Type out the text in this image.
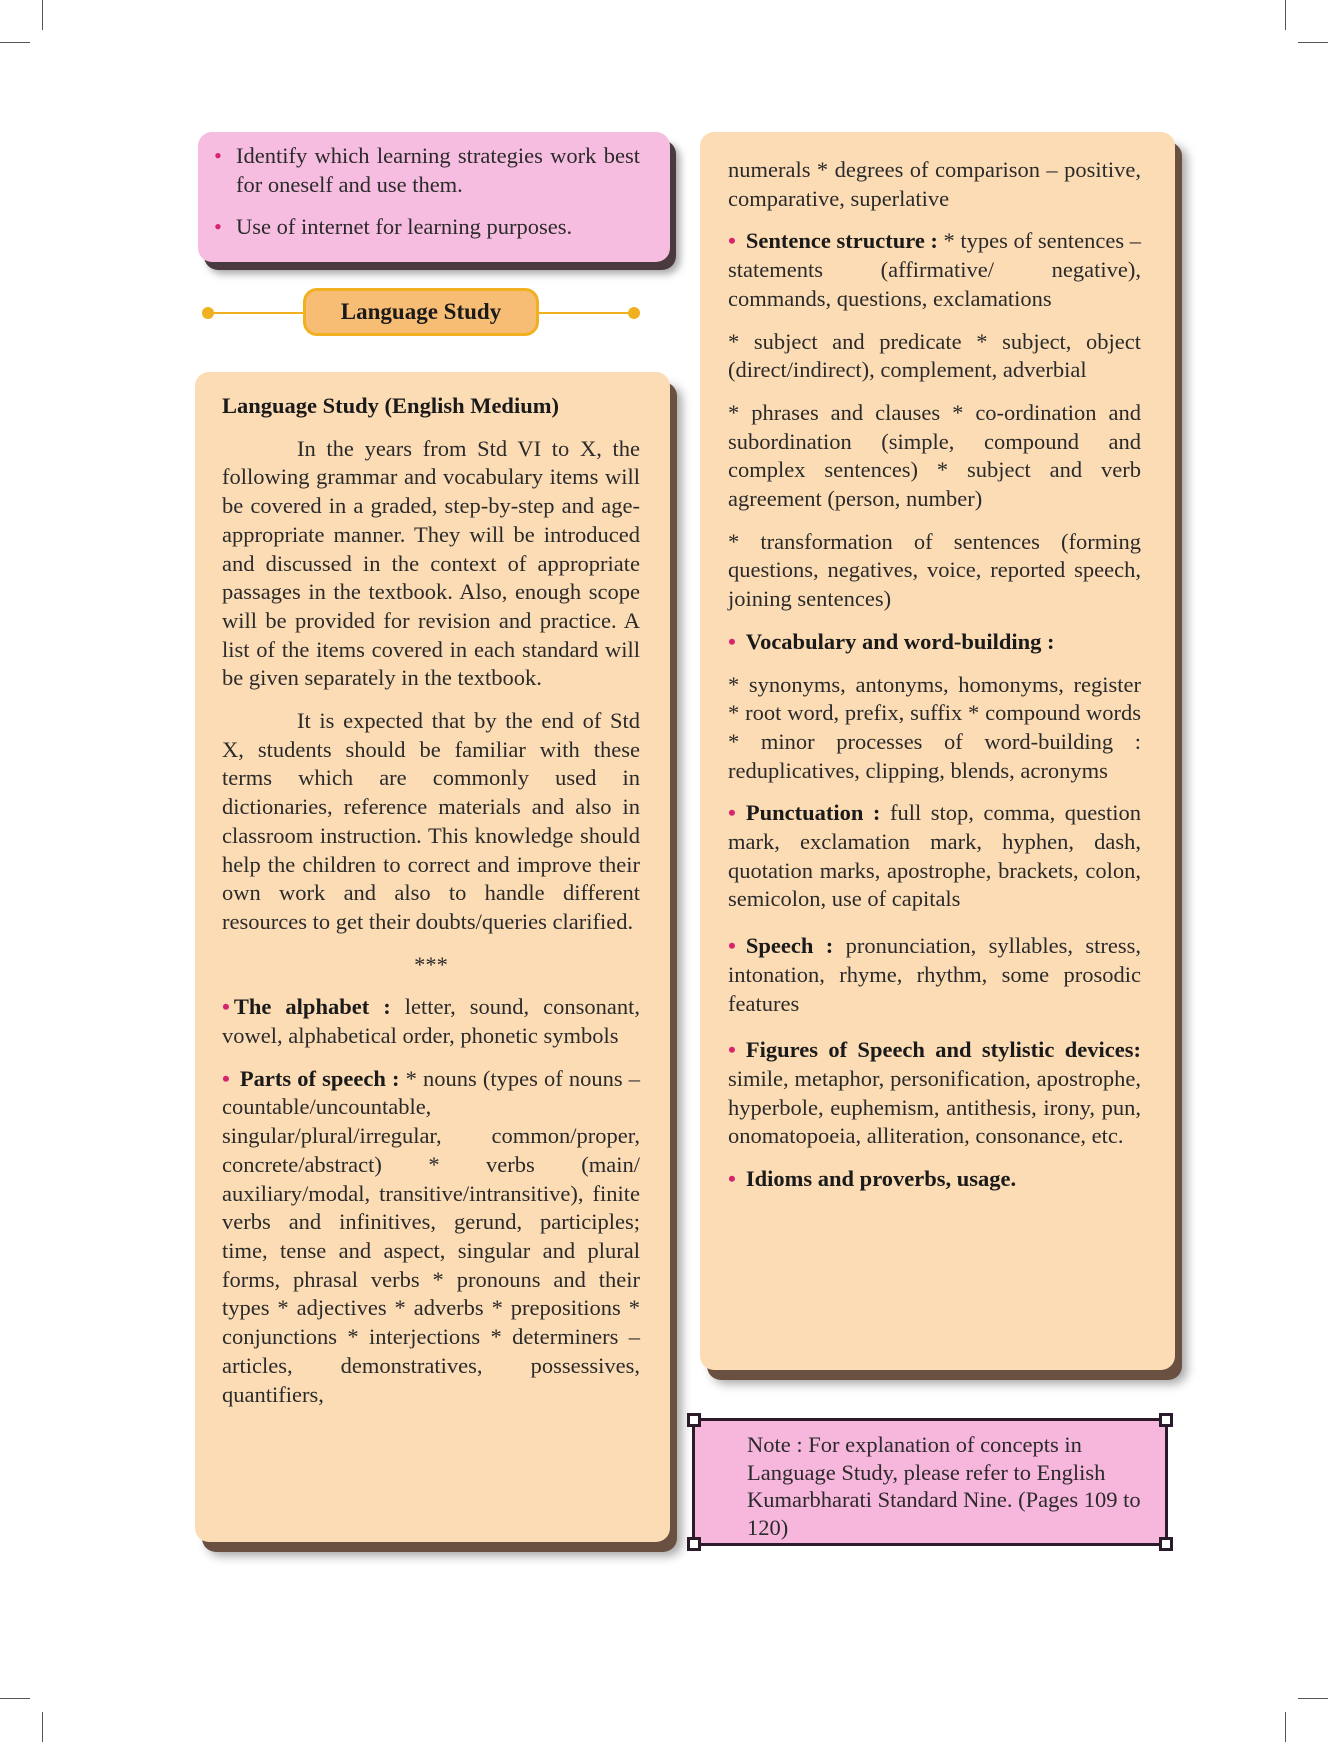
• Identify which learning strategies work best for oneself and use them.
• Use of internet for learning purposes.
Language Study

Language Study (English Medium)

In the years from Std VI to X, the following grammar and vocabulary items will be covered in a graded, step-by-step and age-appropriate manner. They will be introduced and discussed in the context of appropriate passages in the textbook. Also, enough scope will be provided for revision and practice. A list of the items covered in each standard will be given separately in the textbook.

It is expected that by the end of Std X, students should be familiar with these terms which are commonly used in dictionaries, reference materials and also in classroom instruction. This knowledge should help the children to correct and improve their own work and also to handle different resources to get their doubts/queries clarified.

***

• The alphabet : letter, sound, consonant, vowel, alphabetical order, phonetic symbols

• Parts of speech : * nouns (types of nouns – countable/uncountable, singular/plural/irregular, common/proper, concrete/abstract) * verbs (main/ auxiliary/modal, transitive/intransitive), finite verbs and infinitives, gerund, participles; time, tense and aspect, singular and plural forms, phrasal verbs * pronouns and their types * adjectives * adverbs * prepositions * conjunctions * interjections * determiners – articles, demonstratives, possessives, quantifiers,

numerals * degrees of comparison – positive, comparative, superlative

• Sentence structure : * types of sentences – statements (affirmative/ negative), commands, questions, exclamations

* subject and predicate * subject, object (direct/indirect), complement, adverbial

* phrases and clauses * co-ordination and subordination (simple, compound and complex sentences) * subject and verb agreement (person, number)

* transformation of sentences (forming questions, negatives, voice, reported speech, joining sentences)

• Vocabulary and word-building :

* synonyms, antonyms, homonyms, register * root word, prefix, suffix * compound words * minor processes of word-building : reduplicatives, clipping, blends, acronyms

• Punctuation : full stop, comma, question mark, exclamation mark, hyphen, dash, quotation marks, apostrophe, brackets, colon, semicolon, use of capitals

• Speech : pronunciation, syllables, stress, intonation, rhyme, rhythm, some prosodic features

• Figures of Speech and stylistic devices: simile, metaphor, personification, apostrophe, hyperbole, euphemism, antithesis, irony, pun, onomatopoeia, alliteration, consonance, etc.

• Idioms and proverbs, usage.

Note : For explanation of concepts in Language Study, please refer to English Kumarbharati Standard Nine. (Pages 109 to 120)
